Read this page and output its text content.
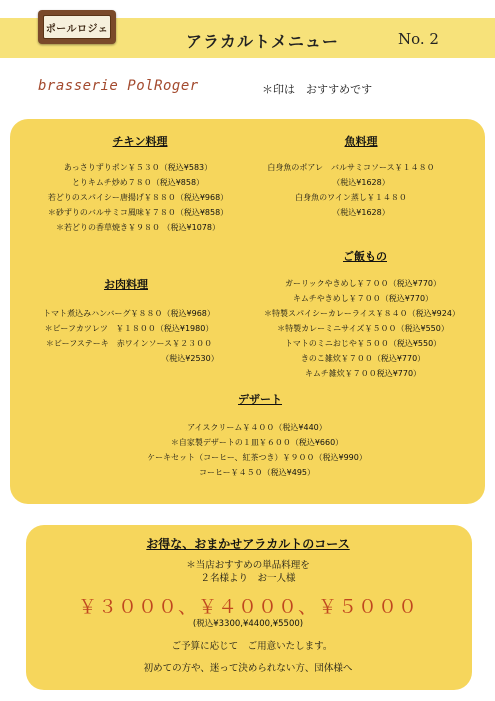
ポールロジェ
アラカルトメニュー	No. 2
brasserie PolRoger	＊印は　おすすめです
チキン料理
あっさりずりポン￥５３０（税込¥583）
とりキムチ炒め７８０（税込¥858）
若どりのスパイシー唐揚げ￥８８０（税込¥968）
＊砂ずりのバルサミコ風味￥７８０（税込¥858）
＊若どりの香草焼き￥９８０ （税込¥1078）
魚料理
白身魚のポアレ　バルサミコソース￥１４８０
（税込¥1628）
白身魚のワイン蒸し￥１４８０
（税込¥1628）
お肉料理
トマト煮込みハンバーグ￥８８０（税込¥968）
＊ビーフカツレツ　￥１８００（税込¥1980）
＊ビーフステーキ　赤ワインソース￥２３００
（税込¥2530）
ご飯もの
ガーリックやきめし￥７００（税込¥770）
キムチやきめし￥７００（税込¥770）
＊特製スパイシーカレーライス￥８４０（税込¥924）
＊特製カレーミニサイズ￥５００（税込¥550）
トマトのミニおじや￥５００（税込¥550）
きのこ雑炊￥７００（税込¥770）
キムチ雑炊￥７００税込¥770）
デザート
アイスクリーム￥４００（税込¥440）
＊自家製デザートの１皿￥６００（税込¥660）
ケーキセット（コーヒー、紅茶つき）￥９００（税込¥990）
コーヒー￥４５０（税込¥495）
お得な、おまかせアラカルトのコース
＊当店おすすめの単品料理を
２名様より　お一人様
￥３０００、￥４０００、￥５０００
(税込¥3300,¥4400,¥5500)
ご予算に応じて　ご用意いたします。
初めての方や、迷って決められない方、団体様へ
